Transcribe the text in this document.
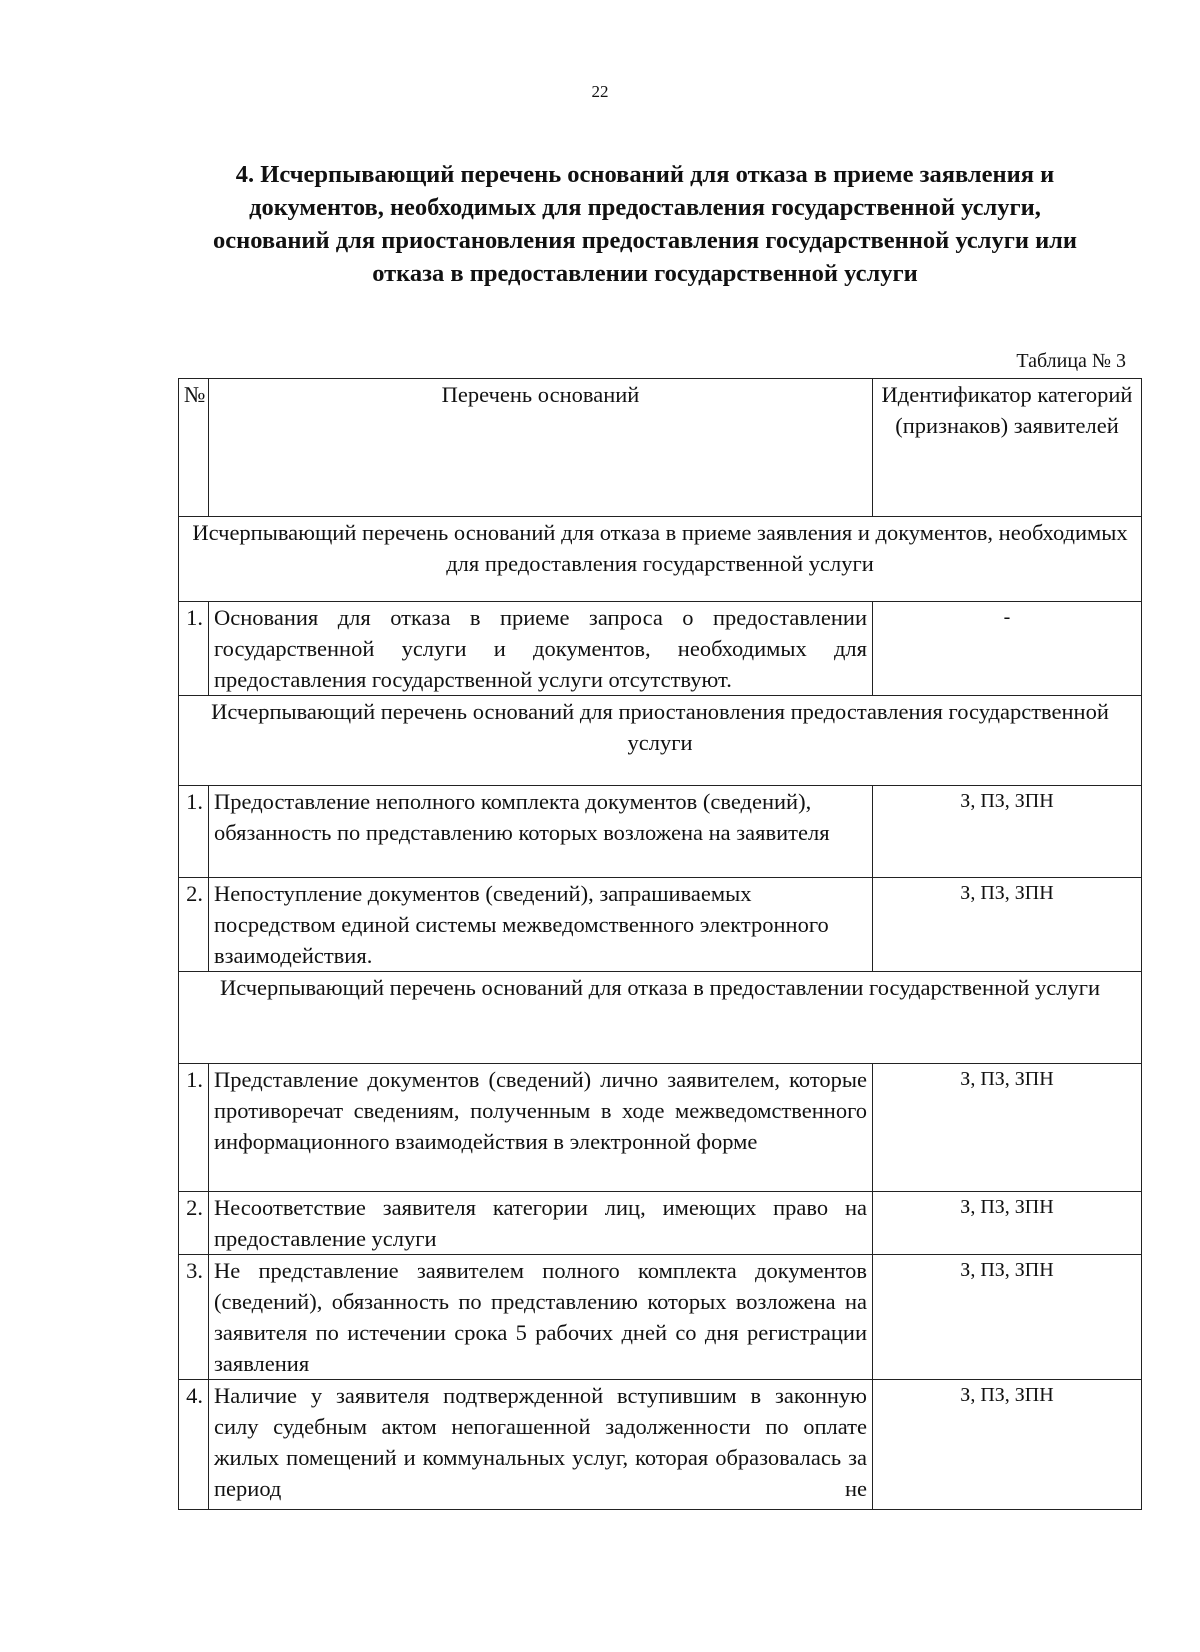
22
4. Исчерпывающий перечень оснований для отказа в приеме заявления и документов, необходимых для предоставления государственной услуги, оснований для приостановления предоставления государственной услуги или отказа в предоставлении государственной услуги
Таблица № 3
№	Перечень оснований	Идентификатор категорий (признаков) заявителей
Исчерпывающий перечень оснований для отказа в приеме заявления и документов, необходимых для предоставления государственной услуги		
1.	Основания для отказа в приеме запроса о предоставлении государственной услуги и документов, необходимых для предоставления государственной услуги отсутствуют.	-
Исчерпывающий перечень оснований для приостановления предоставления государственной услуги		
1.	Предоставление неполного комплекта документов (сведений), обязанность по представлению которых возложена на заявителя	З, ПЗ, ЗПН
2.	Непоступление документов (сведений), запрашиваемых посредством единой системы межведомственного электронного взаимодействия.	З, ПЗ, ЗПН
Исчерпывающий перечень оснований для отказа в предоставлении государственной услуги		
1.	Представление документов (сведений) лично заявителем, которые противоречат сведениям, полученным в ходе межведомственного информационного взаимодействия в электронной форме	З, ПЗ, ЗПН
2.	Несоответствие заявителя категории лиц, имеющих право на предоставление услуги	З, ПЗ, ЗПН
3.	Не представление заявителем полного комплекта документов (сведений), обязанность по представлению которых возложена на заявителя по истечении срока 5 рабочих дней со дня регистрации заявления	З, ПЗ, ЗПН
4.	Наличие у заявителя подтвержденной вступившим в законную силу судебным актом непогашенной задолженности по оплате жилых помещений и коммунальных услуг, которая образовалась за период не	З, ПЗ, ЗПН
